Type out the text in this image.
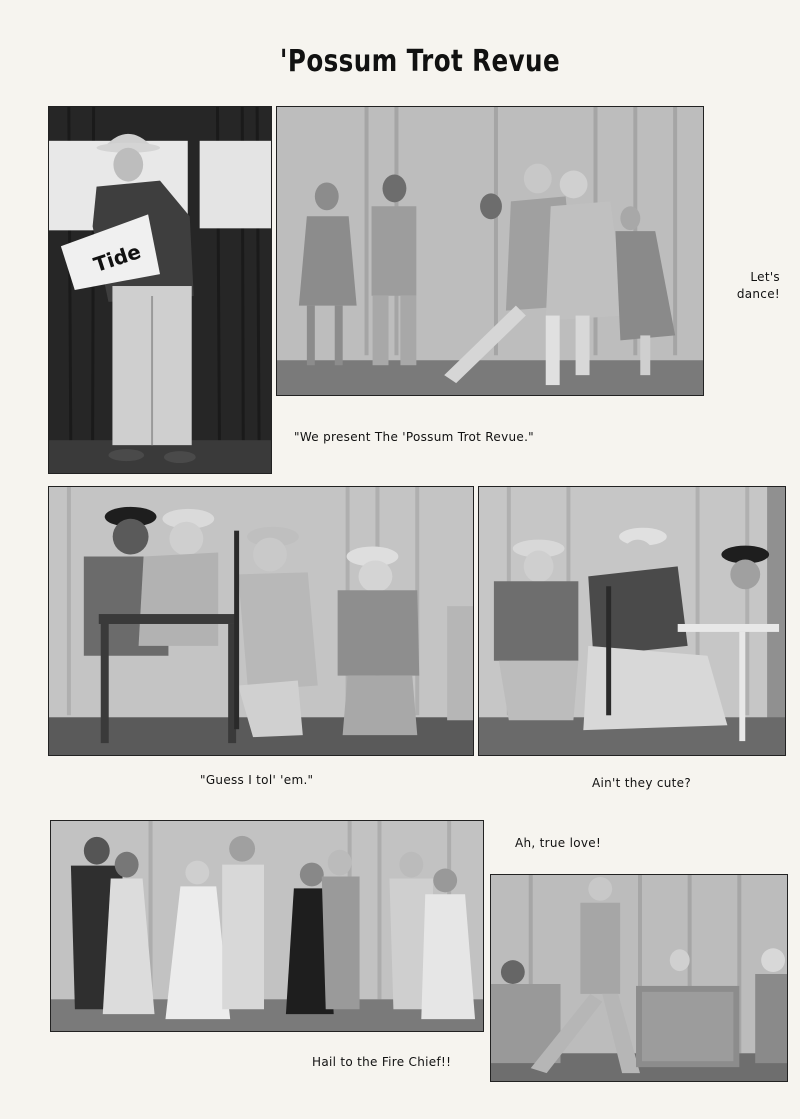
'Possum Trot Revue
Tide
Let's
dance!
"We present The 'Possum Trot Revue."
"Guess I tol' 'em."	Ain't they cute?
Ah, true love!
Hail to the Fire Chief!!
